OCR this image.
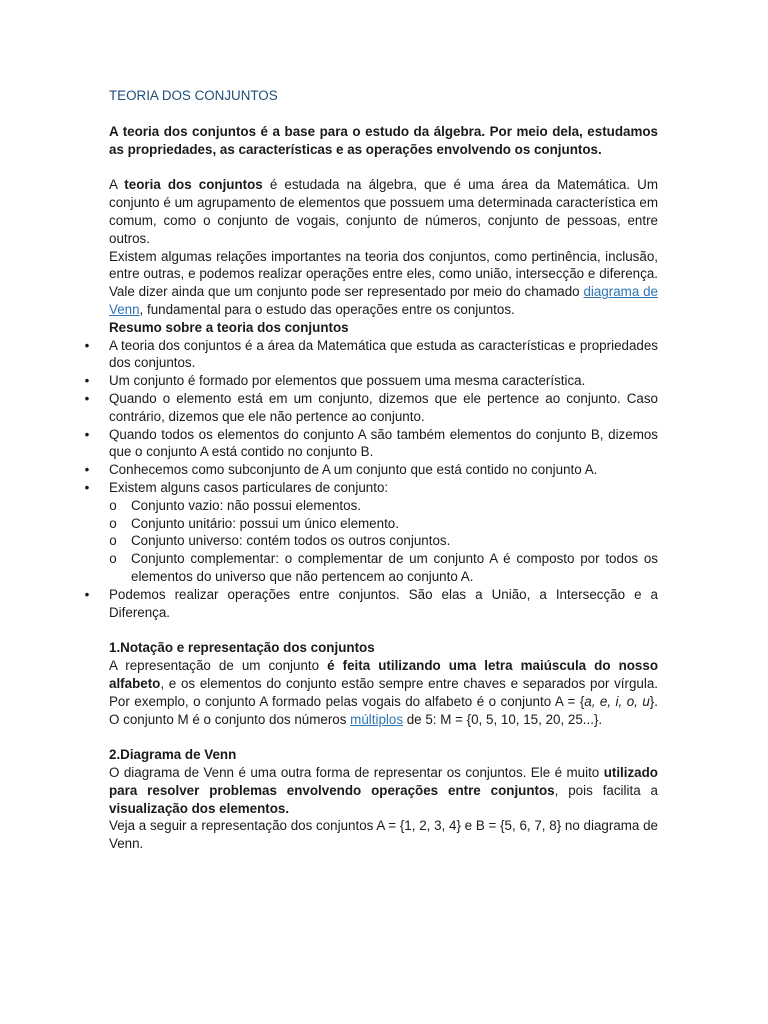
TEORIA DOS CONJUNTOS

A teoria dos conjuntos é a base para o estudo da álgebra. Por meio dela, estudamos as propriedades, as características e as operações envolvendo os conjuntos.

A teoria dos conjuntos é estudada na álgebra, que é uma área da Matemática. Um conjunto é um agrupamento de elementos que possuem uma determinada característica em comum, como o conjunto de vogais, conjunto de números, conjunto de pessoas, entre outros.

Existem algumas relações importantes na teoria dos conjuntos, como pertinência, inclusão, entre outras, e podemos realizar operações entre eles, como união, intersecção e diferença. Vale dizer ainda que um conjunto pode ser representado por meio do chamado diagrama de Venn, fundamental para o estudo das operações entre os conjuntos.

Resumo sobre a teoria dos conjuntos

• A teoria dos conjuntos é a área da Matemática que estuda as características e propriedades dos conjuntos.
• Um conjunto é formado por elementos que possuem uma mesma característica.
• Quando o elemento está em um conjunto, dizemos que ele pertence ao conjunto. Caso contrário, dizemos que ele não pertence ao conjunto.
• Quando todos os elementos do conjunto A são também elementos do conjunto B, dizemos que o conjunto A está contido no conjunto B.
• Conhecemos como subconjunto de A um conjunto que está contido no conjunto A.
• Existem alguns casos particulares de conjunto:
o Conjunto vazio: não possui elementos.
o Conjunto unitário: possui um único elemento.
o Conjunto universo: contém todos os outros conjuntos.
o Conjunto complementar: o complementar de um conjunto A é composto por todos os elementos do universo que não pertencem ao conjunto A.
• Podemos realizar operações entre conjuntos. São elas a União, a Intersecção e a Diferença.

1.Notação e representação dos conjuntos

A representação de um conjunto é feita utilizando uma letra maiúscula do nosso alfabeto, e os elementos do conjunto estão sempre entre chaves e separados por vírgula. Por exemplo, o conjunto A formado pelas vogais do alfabeto é o conjunto A = {a, e, i, o, u}. O conjunto M é o conjunto dos números múltiplos de 5: M = {0, 5, 10, 15, 20, 25...}.

2.Diagrama de Venn

O diagrama de Venn é uma outra forma de representar os conjuntos. Ele é muito utilizado para resolver problemas envolvendo operações entre conjuntos, pois facilita a visualização dos elementos.

Veja a seguir a representação dos conjuntos A = {1, 2, 3, 4} e B = {5, 6, 7, 8} no diagrama de Venn.
